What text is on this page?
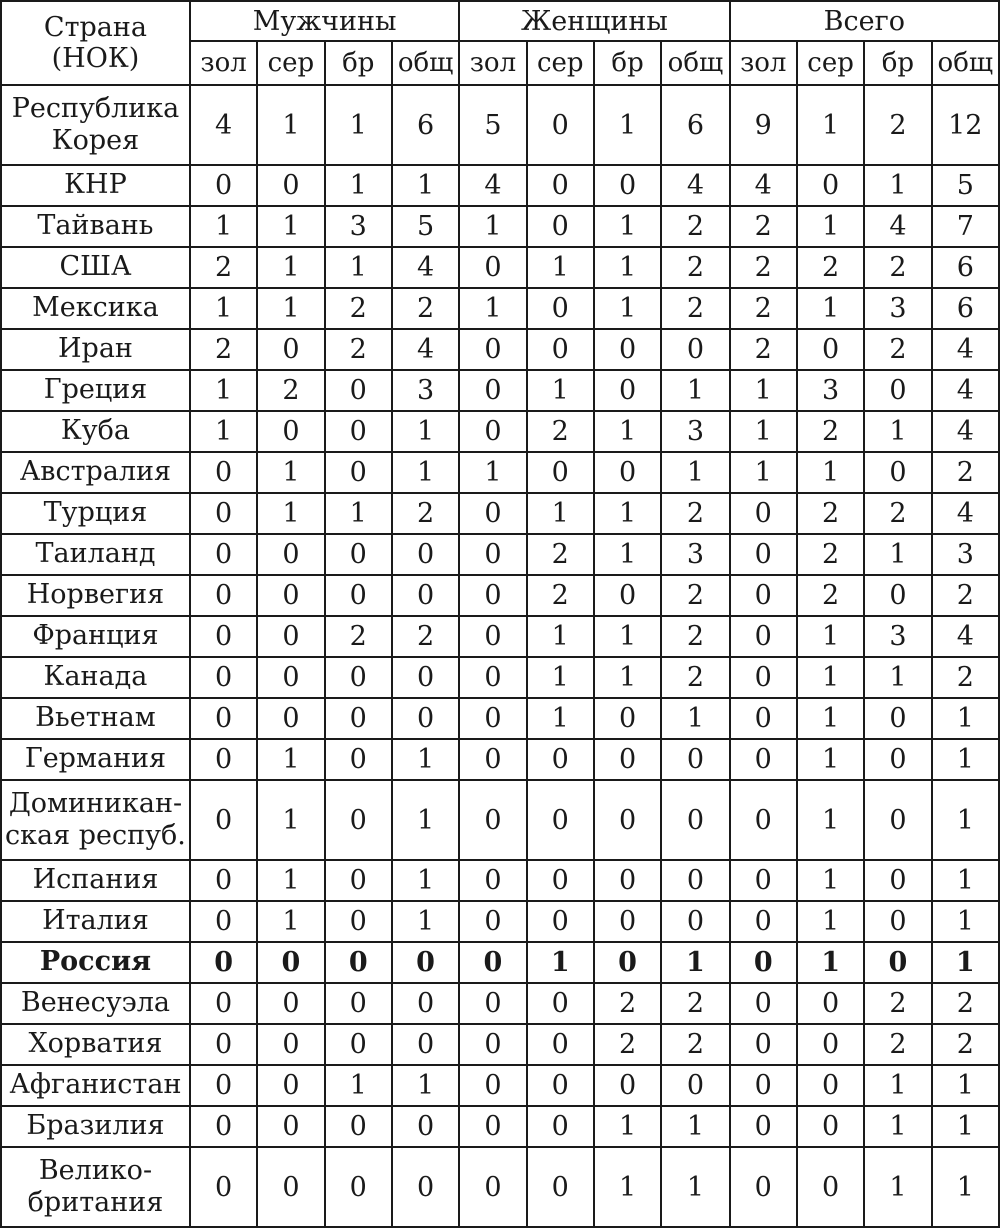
Страна
(НОК)	Мужчины				Женщины				Всего			
	зол	сер	бр	общ	зол	сер	бр	общ	зол	сер	бр	общ

Республика
Корея	4	1	1	6	5	0	1	6	9	1	2	12

КНР	0	0	1	1	4	0	0	4	4	0	1	5

Тайвань	1	1	3	5	1	0	1	2	2	1	4	7

США	2	1	1	4	0	1	1	2	2	2	2	6

Мексика	1	1	2	2	1	0	1	2	2	1	3	6

Иран	2	0	2	4	0	0	0	0	2	0	2	4

Греция	1	2	0	3	0	1	0	1	1	3	0	4

Куба	1	0	0	1	0	2	1	3	1	2	1	4

Австралия	0	1	0	1	1	0	0	1	1	1	0	2

Турция	0	1	1	2	0	1	1	2	0	2	2	4

Таиланд	0	0	0	0	0	2	1	3	0	2	1	3

Норвегия	0	0	0	0	0	2	0	2	0	2	0	2

Франция	0	0	2	2	0	1	1	2	0	1	3	4

Канада	0	0	0	0	0	1	1	2	0	1	1	2

Вьетнам	0	0	0	0	0	1	0	1	0	1	0	1

Германия	0	1	0	1	0	0	0	0	0	1	0	1

Доминикан-
ская респуб.	0	1	0	1	0	0	0	0	0	1	0	1

Испания	0	1	0	1	0	0	0	0	0	1	0	1

Италия	0	1	0	1	0	0	0	0	0	1	0	1

Россия	0	0	0	0	0	1	0	1	0	1	0	1

Венесуэла	0	0	0	0	0	0	2	2	0	0	2	2

Хорватия	0	0	0	0	0	0	2	2	0	0	2	2

Афганистан	0	0	1	1	0	0	0	0	0	0	1	1

Бразилия	0	0	0	0	0	0	1	1	0	0	1	1

Велико-
британия	0	0	0	0	0	0	1	1	0	0	1	1
